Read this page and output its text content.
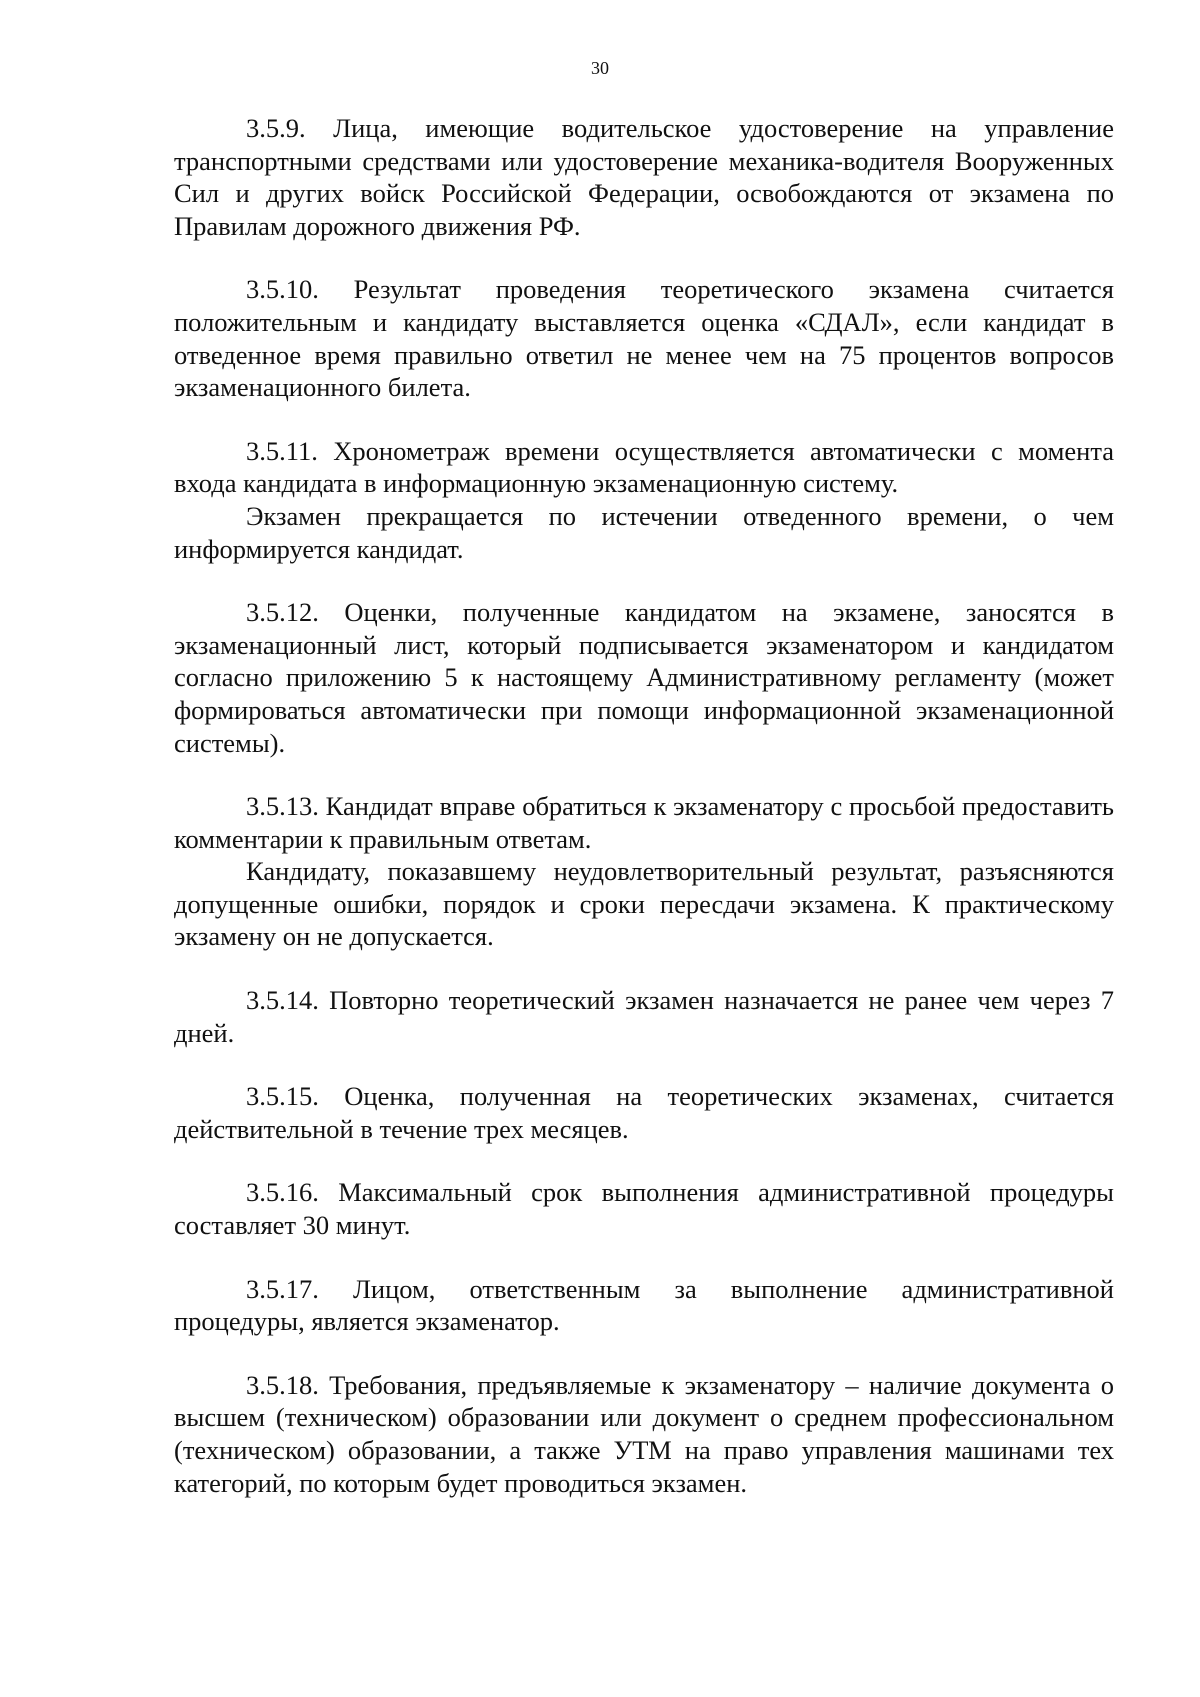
30

3.5.9. Лица, имеющие водительское удостоверение на управление транспортными средствами или удостоверение механика-водителя Вооруженных Сил и других войск Российской Федерации, освобождаются от экзамена по Правилам дорожного движения РФ.

3.5.10. Результат проведения теоретического экзамена считается положительным и кандидату выставляется оценка «СДАЛ», если кандидат в отведенное время правильно ответил не менее чем на 75 процентов вопросов экзаменационного билета.

3.5.11. Хронометраж времени осуществляется автоматически с момента входа кандидата в информационную экзаменационную систему.

Экзамен прекращается по истечении отведенного времени, о чем информируется кандидат.

3.5.12. Оценки, полученные кандидатом на экзамене, заносятся в экзаменационный лист, который подписывается экзаменатором и кандидатом согласно приложению 5 к настоящему Административному регламенту (может формироваться автоматически при помощи информационной экзаменационной системы).

3.5.13. Кандидат вправе обратиться к экзаменатору с просьбой предоставить комментарии к правильным ответам.

Кандидату, показавшему неудовлетворительный результат, разъясняются допущенные ошибки, порядок и сроки пересдачи экзамена. К практическому экзамену он не допускается.

3.5.14. Повторно теоретический экзамен назначается не ранее чем через 7 дней.

3.5.15. Оценка, полученная на теоретических экзаменах, считается действительной в течение трех месяцев.

3.5.16. Максимальный срок выполнения административной процедуры составляет 30 минут.

3.5.17. Лицом, ответственным за выполнение административной процедуры, является экзаменатор.

3.5.18. Требования, предъявляемые к экзаменатору – наличие документа о высшем (техническом) образовании или документ о среднем профессиональном (техническом) образовании, а также УТМ на право управления машинами тех категорий, по которым будет проводиться экзамен.
